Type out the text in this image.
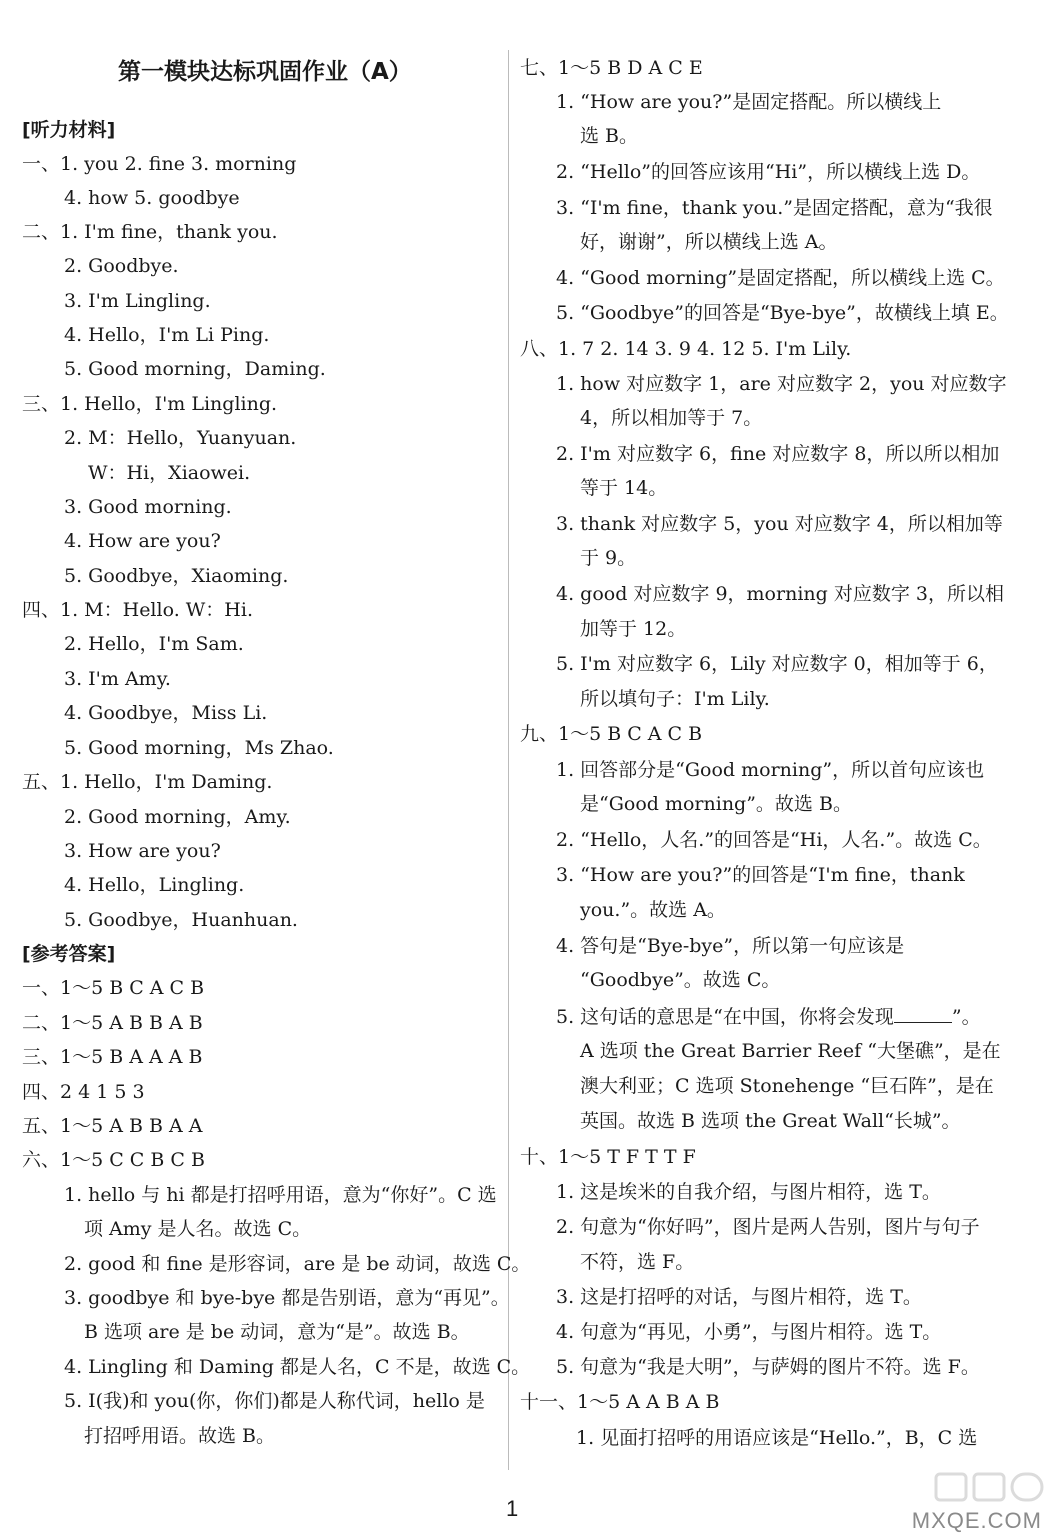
第一模块达标巩固作业（A）
[听力材料]
一、1. you 2. fine 3. morning
4. how 5. goodbye
二、1. I'm fine，thank you.
2. Goodbye.
3. I'm Lingling.
4. Hello，I'm Li Ping.
5. Good morning，Daming.
三、1. Hello，I'm Lingling.
2. M：Hello，Yuanyuan.
W：Hi，Xiaowei.
3. Good morning.
4. How are you?
5. Goodbye，Xiaoming.
四、1. M：Hello. W：Hi.
2. Hello，I'm Sam.
3. I'm Amy.
4. Goodbye，Miss Li.
5. Good morning，Ms Zhao.
五、1. Hello，I'm Daming.
2. Good morning，Amy.
3. How are you?
4. Hello，Lingling.
5. Goodbye，Huanhuan.
[参考答案]
一、1～5 B C A C B
二、1～5 A B B A B
三、1～5 B A A A B
四、2 4 1 5 3
五、1～5 A B B A A
六、1～5 C C B C B
1. hello 与 hi 都是打招呼用语，意为“你好”。C 选
项 Amy 是人名。故选 C。
2. good 和 fine 是形容词，are 是 be 动词，故选 C。
3. goodbye 和 bye-bye 都是告别语，意为“再见”。
B 选项 are 是 be 动词，意为“是”。故选 B。
4. Lingling 和 Daming 都是人名，C 不是，故选 C。
5. I(我)和 you(你，你们)都是人称代词，hello 是
打招呼用语。故选 B。
七、1～5 B D A C E
1. “How are you?”是固定搭配。所以横线上
选 B。
2. “Hello”的回答应该用“Hi”，所以横线上选 D。
3. “I'm fine，thank you.”是固定搭配，意为“我很
好，谢谢”，所以横线上选 A。
4. “Good morning”是固定搭配，所以横线上选 C。
5. “Goodbye”的回答是“Bye-bye”，故横线上填 E。
八、1. 7 2. 14 3. 9 4. 12 5. I'm Lily.
1. how 对应数字 1，are 对应数字 2，you 对应数字
4，所以相加等于 7。
2. I'm 对应数字 6，fine 对应数字 8，所以所以相加
等于 14。
3. thank 对应数字 5，you 对应数字 4，所以相加等
于 9。
4. good 对应数字 9，morning 对应数字 3，所以相
加等于 12。
5. I'm 对应数字 6，Lily 对应数字 0，相加等于 6，
所以填句子：I'm Lily.
九、1～5 B C A C B
1. 回答部分是“Good morning”，所以首句应该也
是“Good morning”。故选 B。
2. “Hello，人名.”的回答是“Hi，人名.”。故选 C。
3. “How are you?”的回答是“I'm fine，thank
you.”。故选 A。
4. 答句是“Bye-bye”，所以第一句应该是
“Goodbye”。故选 C。
5. 这句话的意思是“在中国，你将会发现	”。
A 选项 the Great Barrier Reef “大堡礁”，是在
澳大利亚；C 选项 Stonehenge “巨石阵”，是在
英国。故选 B 选项 the Great Wall“长城”。
十、1～5 T F T T F
1. 这是埃米的自我介绍，与图片相符，选 T。
2. 句意为“你好吗”，图片是两人告别，图片与句子
不符，选 F。
3. 这是打招呼的对话，与图片相符，选 T。
4. 句意为“再见，小勇”，与图片相符。选 T。
5. 句意为“我是大明”，与萨姆的图片不符。选 F。
十一、1～5 A A B A B
1. 见面打招呼的用语应该是“Hello.”，B，C 选
1	MXQE.COM
